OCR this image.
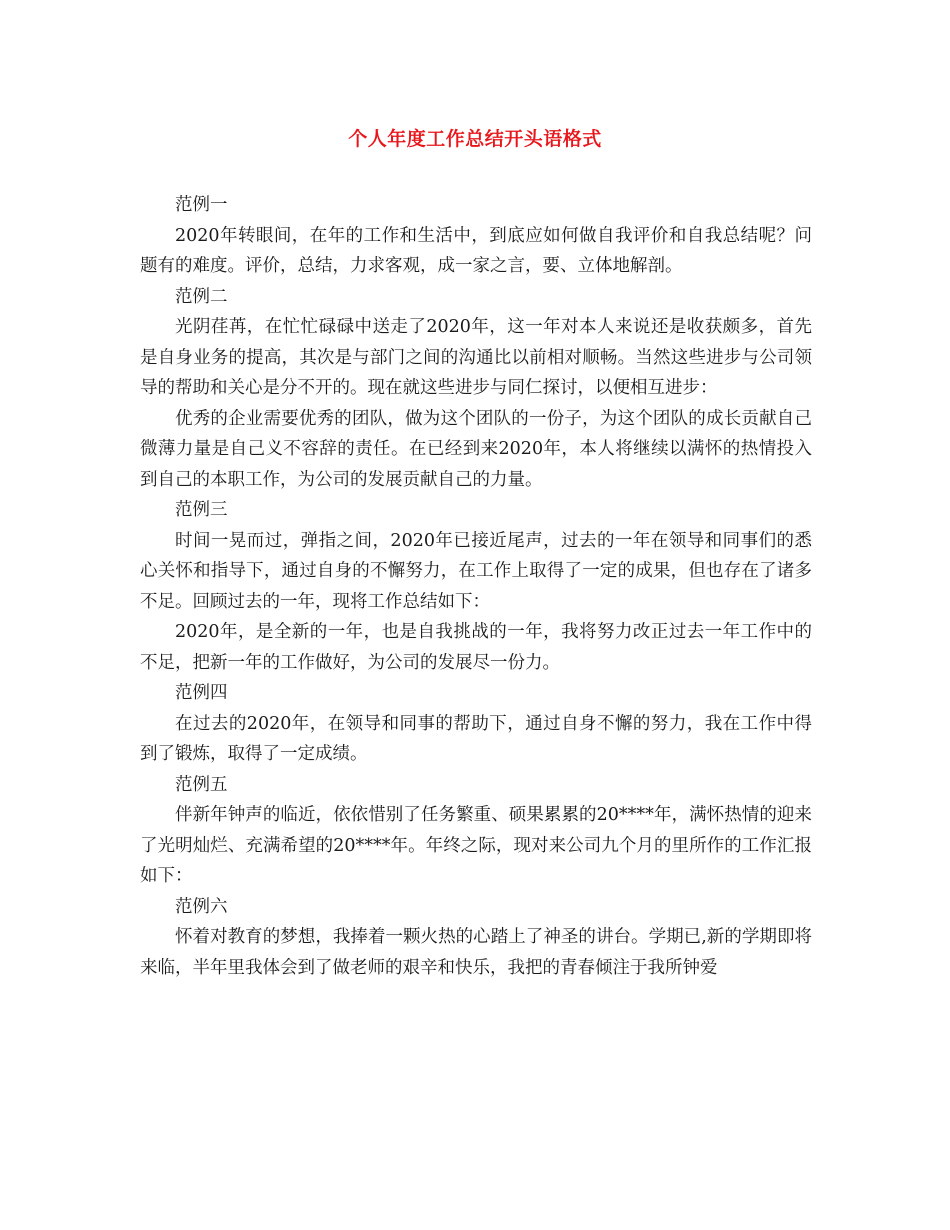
个人年度工作总结开头语格式

范例一

2020年转眼间，在年的工作和生活中，到底应如何做自我评价和自我总结呢？问题有的难度。评价，总结，力求客观，成一家之言，要、立体地解剖。

范例二

光阴荏苒，在忙忙碌碌中送走了2020年，这一年对本人来说还是收获颇多，首先是自身业务的提高，其次是与部门之间的沟通比以前相对顺畅。当然这些进步与公司领导的帮助和关心是分不开的。现在就这些进步与同仁探讨，以便相互进步：

优秀的企业需要优秀的团队，做为这个团队的一份子，为这个团队的成长贡献自己微薄力量是自己义不容辞的责任。在已经到来2020年，本人将继续以满怀的热情投入到自己的本职工作，为公司的发展贡献自己的力量。

范例三

时间一晃而过，弹指之间，2020年已接近尾声，过去的一年在领导和同事们的悉心关怀和指导下，通过自身的不懈努力，在工作上取得了一定的成果，但也存在了诸多不足。回顾过去的一年，现将工作总结如下：

2020年，是全新的一年，也是自我挑战的一年，我将努力改正过去一年工作中的不足，把新一年的工作做好，为公司的发展尽一份力。

范例四

在过去的2020年，在领导和同事的帮助下，通过自身不懈的努力，我在工作中得到了锻炼，取得了一定成绩。

范例五

伴新年钟声的临近，依依惜别了任务繁重、硕果累累的20****年，满怀热情的迎来了光明灿烂、充满希望的20****年。年终之际，现对来公司九个月的里所作的工作汇报如下：

范例六

怀着对教育的梦想，我捧着一颗火热的心踏上了神圣的讲台。学期已,新的学期即将来临，半年里我体会到了做老师的艰辛和快乐，我把的青春倾注于我所钟爱
